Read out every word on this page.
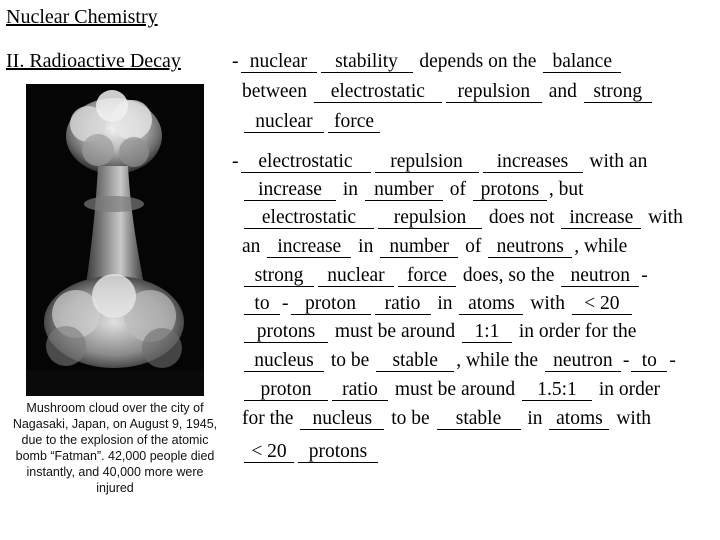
Nuclear Chemistry
II. Radioactive Decay
Mushroom cloud over the city of Nagasaki, Japan, on August 9, 1945, due to the explosion of the atomic bomb “Fatman”. 42,000 people died instantly, and 40,000 more were injured
- nuclear stability depends on the balance
between electrostatic repulsion and strong
nuclear force
- electrostatic repulsion increases with an
increase in number of protons , but
electrostatic repulsion does not increase with
an increase in number of neutrons , while
strong nuclear force does, so the neutron -
to - proton ratio in atoms with < 20
protons must be around 1:1 in order for the
nucleus to be stable , while the neutron - to -
proton ratio must be around 1.5:1 in order
for the nucleus to be stable in atoms with
< 20 protons
